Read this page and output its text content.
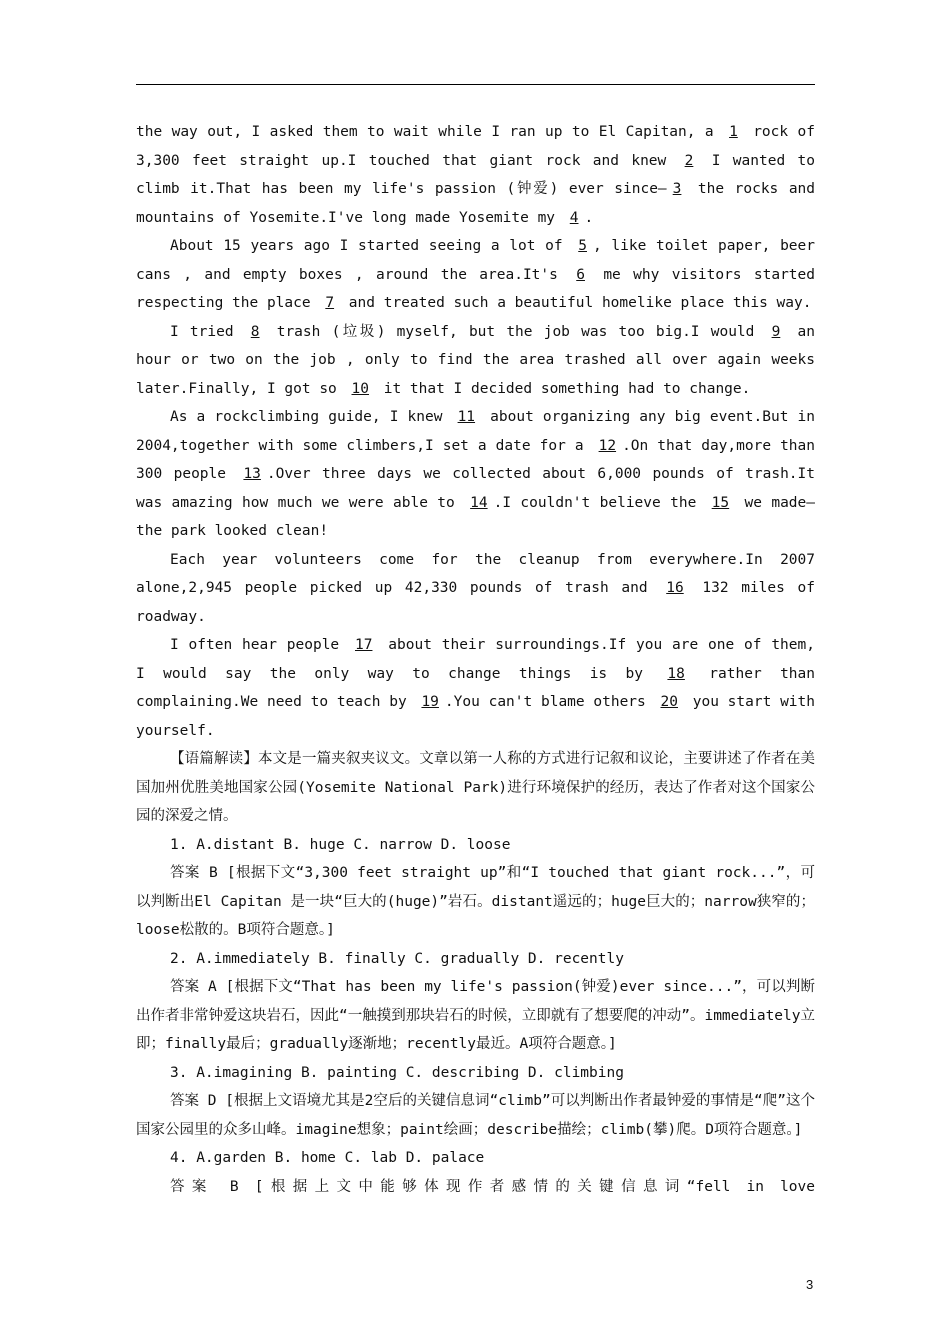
the way out, I asked them to wait while I ran up to El Capitan, a 1 rock of 3,300 feet straight up.I touched that giant rock and knew 2 I wanted to climb it.That has been my life's passion (钟爱) ever since— 3 the rocks and mountains of Yosemite.I've long made Yosemite my 4 .

About 15 years ago I started seeing a lot of 5 , like toilet paper, beer cans , and empty boxes , around the area.It's 6 me why visitors started respecting the place 7 and treated such a beautiful homelike place this way.

I tried 8 trash (垃圾) myself, but the job was too big.I would 9 an hour or two on the job , only to find the area trashed all over again weeks later.Finally, I got so 10 it that I decided something had to change.

As a rockclimbing guide, I knew 11 about organizing any big event.But in 2004,together with some climbers,I set a date for a 12 .On that day,more than 300 people 13 .Over three days we collected about 6,000 pounds of trash.It was amazing how much we were able to 14 .I couldn't believe the 15 we made—the park looked clean!

Each year volunteers come for the cleanup from everywhere.In 2007 alone,2,945 people picked up 42,330 pounds of trash and 16 132 miles of roadway.

I often hear people 17 about their surroundings.If you are one of them, I would say the only way to change things is by 18 rather than complaining.We need to teach by 19 .You can't blame others 20 you start with yourself.

【语篇解读】本文是一篇夹叙夹议文。文章以第一人称的方式进行记叙和议论，主要讲述了作者在美国加州优胜美地国家公园(Yosemite National Park)进行环境保护的经历，表达了作者对这个国家公园的深爱之情。

1. A.distant B. huge C. narrow D. loose

答案 B [根据下文“3,300 feet straight up”和“I touched that giant rock...”，可以判断出El Capitan 是一块“巨大的(huge)”岩石。distant遥远的；huge巨大的；narrow狭窄的；loose松散的。B项符合题意。]

2. A.immediately B. finally C. gradually D. recently

答案 A [根据下文“That has been my life's passion(钟爱)ever since...”，可以判断出作者非常钟爱这块岩石，因此“一触摸到那块岩石的时候，立即就有了想要爬的冲动”。immediately立即；finally最后；gradually逐渐地；recently最近。A项符合题意。]

3. A.imagining B. painting C. describing D. climbing

答案 D [根据上文语境尤其是2空后的关键信息词“climb”可以判断出作者最钟爱的事情是“爬”这个国家公园里的众多山峰。imagine想象；paint绘画；describe描绘；climb(攀)爬。D项符合题意。]

4. A.garden B. home C. lab D. palace

答案 B [根据上文中能够体现作者感情的关键信息词“fell in love

3
